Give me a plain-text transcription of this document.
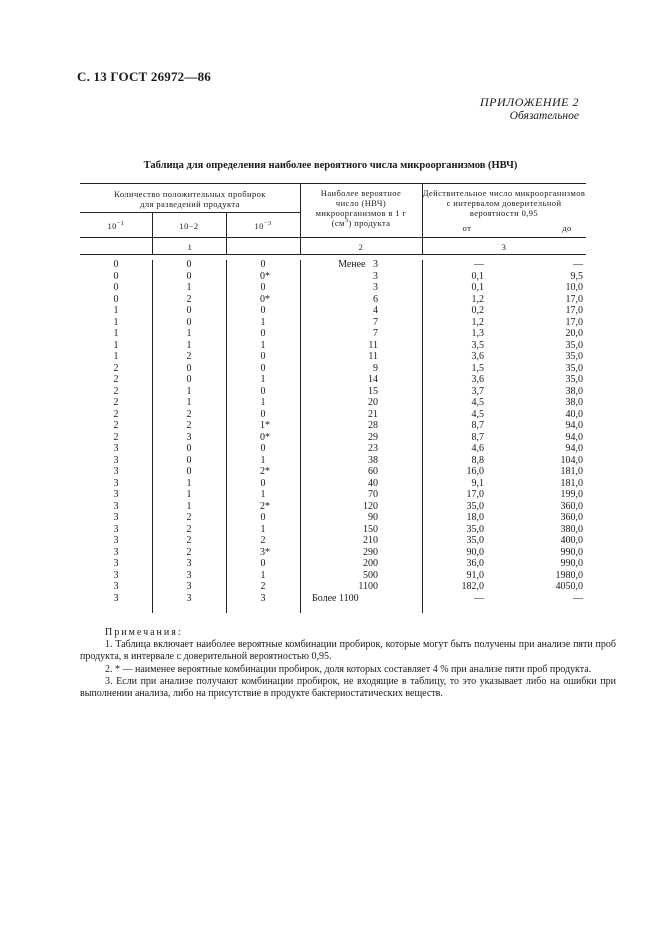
С. 13 ГОСТ 26972—86
ПРИЛОЖЕНИЕ 2
Обязательное
Таблица для определения наиболее вероятного числа микроорганизмов (НВЧ)
Количество положительных пробирок
для разведений продукта
$10^{-1}$	10−2	$10^{-3}$
Наиболее вероятное
число (НВЧ)
микроорганизмов в 1 г
$(см^3)$ продукта
Действительное число микроорганизмов
с интервалом доверительной
вероятности 0,95
от	до
1	2	3
0	0	0	Менее   3	—	—
0	0	0*	3	0,1	9,5
0	1	0	3	0,1	10,0
0	2	0*	6	1,2	17,0
1	0	0	4	0,2	17,0
1	0	1	7	1,2	17,0
1	1	0	7	1,3	20,0
1	1	1	11	3,5	35,0
1	2	0	11	3,6	35,0
2	0	0	9	1,5	35,0
2	0	1	14	3,6	35,0
2	1	0	15	3,7	38,0
2	1	1	20	4,5	38,0
2	2	0	21	4,5	40,0
2	2	1*	28	8,7	94,0
2	3	0*	29	8,7	94,0
3	0	0	23	4,6	94,0
3	0	1	38	8,8	104,0
3	0	2*	60	16,0	181,0
3	1	0	40	9,1	181,0
3	1	1	70	17,0	199,0
3	1	2*	120	35,0	360,0
3	2	0	90	18,0	360,0
3	2	1	150	35,0	380,0
3	2	2	210	35,0	400,0
3	2	3*	290	90,0	990,0
3	3	0	200	36,0	990,0
3	3	1	500	91,0	1980,0
3	3	2	1100	182,0	4050,0
3	3	3	Более 1100	—	—

Примечания:

1. Таблица включает наиболее вероятные комбинации пробирок, которые могут быть получены при анализе пяти проб продукта, в интервале с доверительной вероятностью 0,95.

2. * — наименее вероятные комбинации пробирок, доля которых составляет 4 % при анализе пяти проб продукта.

3. Если при анализе получают комбинации пробирок, не входящие в таблицу, то это указывает либо на ошибки при выполнении анализа, либо на присутствие в продукте бактериостатических веществ.
